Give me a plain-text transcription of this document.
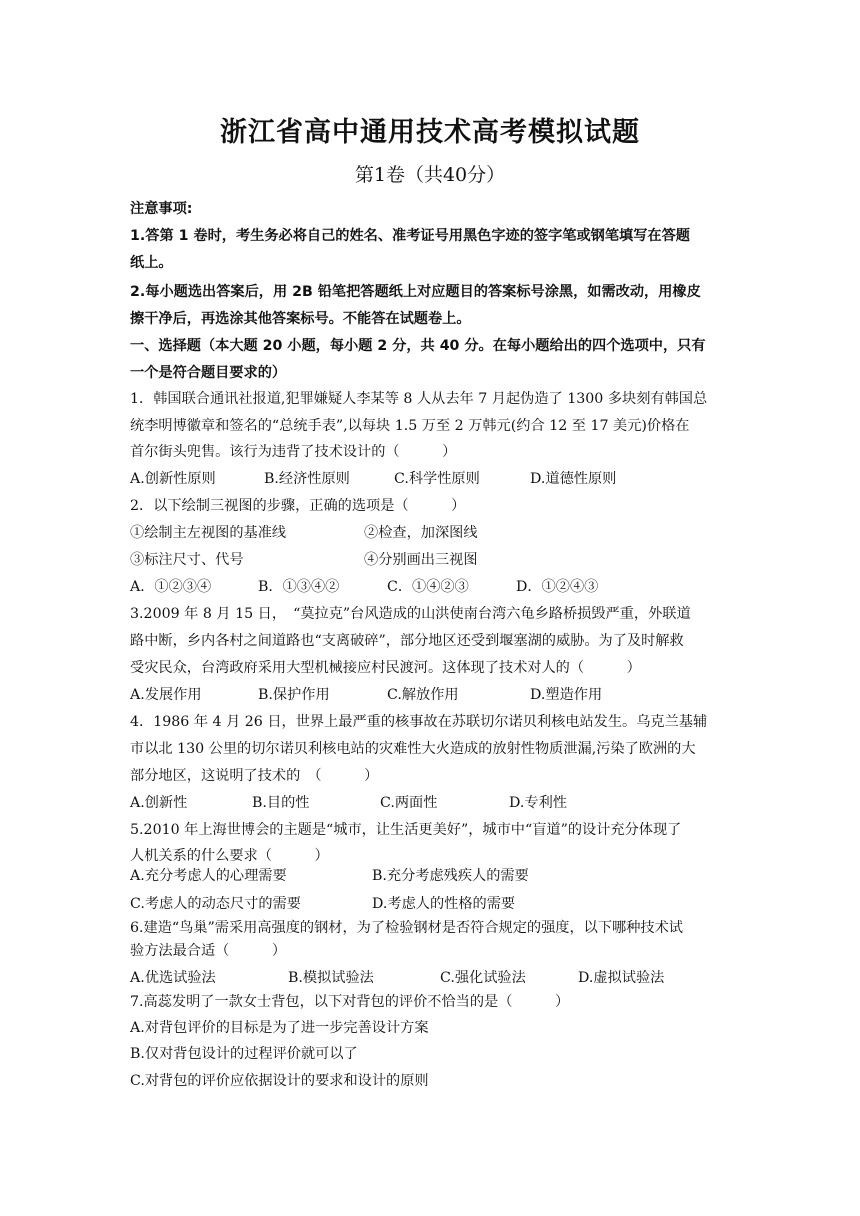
浙江省高中通用技术高考模拟试题
第1卷（共40分）
注意事项:
1.答第 1 卷时，考生务必将自己的姓名、准考证号用黑色字迹的签字笔或钢笔填写在答题
纸上。
2.每小题选出答案后，用 2B 铅笔把答题纸上对应题目的答案标号涂黑，如需改动，用橡皮
擦干净后，再选涂其他答案标号。不能答在试题卷上。
一、选择题（本大题 20 小题，每小题 2 分，共 40 分。在每小题给出的四个选项中，只有
一个是符合题目要求的）
1．韩国联合通讯社报道,犯罪嫌疑人李某等 8 人从去年 7 月起伪造了 1300 多块刻有韩国总
统李明博徽章和签名的“总统手表”,以每块 1.5 万至 2 万韩元(约合 12 至 17 美元)价格在
首尔街头兜售。该行为违背了技术设计的（　　　）
A.创新性原则	B.经济性原则	C.科学性原则	D.道德性原则
2．以下绘制三视图的步骤，正确的选项是（　　　）
①绘制主左视图的基准线	②检查，加深图线
③标注尺寸、代号	④分别画出三视图
A．①②③④	B．①③④②	C．①④②③	D．①②④③
3.2009 年 8 月 15 日，　“莫拉克”台风造成的山洪使南台湾六龟乡路桥损毁严重，外联道
路中断，乡内各村之间道路也“支离破碎”，部分地区还受到堰塞湖的威胁。为了及时解救
受灾民众，台湾政府采用大型机械接应村民渡河。这体现了技术对人的（　　　）
A.发展作用	B.保护作用	C.解放作用	D.塑造作用
4．1986 年 4 月 26 日，世界上最严重的核事故在苏联切尔诺贝利核电站发生。乌克兰基辅
市以北 130 公里的切尔诺贝利核电站的灾难性大火造成的放射性物质泄漏,污染了欧洲的大
部分地区，这说明了技术的　（　　　）
A.创新性	B.目的性	C.两面性	D.专利性
5.2010 年上海世博会的主题是“城市，让生活更美好”，城市中“盲道”的设计充分体现了
人机关系的什么要求（　　　）
A.充分考虑人的心理需要	B.充分考虑残疾人的需要
C.考虑人的动态尺寸的需要	D.考虑人的性格的需要
6.建造“鸟巢”需采用高强度的钢材，为了检验钢材是否符合规定的强度，以下哪种技术试
验方法最合适（　　　）
A.优选试验法	B.模拟试验法	C.强化试验法	D.虚拟试验法
7.高蕊发明了一款女士背包，以下对背包的评价不恰当的是（　　　）
A.对背包评价的目标是为了进一步完善设计方案
B.仅对背包设计的过程评价就可以了
C.对背包的评价应依据设计的要求和设计的原则
